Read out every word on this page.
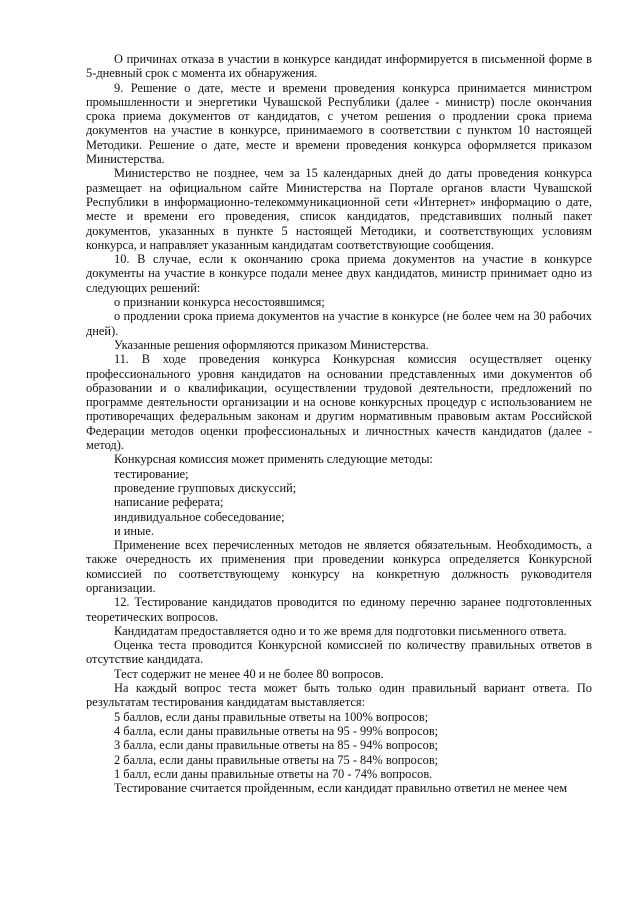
О причинах отказа в участии в конкурсе кандидат информируется в письменной форме в 5-дневный срок с момента их обнаружения.

9. Решение о дате, месте и времени проведения конкурса принимается министром промышленности и энергетики Чувашской Республики (далее - министр) после окончания срока приема документов от кандидатов, с учетом решения о продлении срока приема документов на участие в конкурсе, принимаемого в соответствии с пунктом 10 настоящей Методики. Решение о дате, месте и времени проведения конкурса оформляется приказом Министерства.

Министерство не позднее, чем за 15 календарных дней до даты проведения конкурса размещает на официальном сайте Министерства на Портале органов власти Чувашской Республики в информационно-телекоммуникационной сети «Интернет» информацию о дате, месте и времени его проведения, список кандидатов, представивших полный пакет документов, указанных в пункте 5 настоящей Методики, и соответствующих условиям конкурса, и направляет указанным кандидатам соответствующие сообщения.

10. В случае, если к окончанию срока приема документов на участие в конкурсе документы на участие в конкурсе подали менее двух кандидатов, министр принимает одно из следующих решений:

о признании конкурса несостоявшимся;

о продлении срока приема документов на участие в конкурсе (не более чем на 30 рабочих дней).

Указанные решения оформляются приказом Министерства.

11. В ходе проведения конкурса Конкурсная комиссия осуществляет оценку профессионального уровня кандидатов на основании представленных ими документов об образовании и о квалификации, осуществлении трудовой деятельности, предложений по программе деятельности организации и на основе конкурсных процедур с использованием не противоречащих федеральным законам и другим нормативным правовым актам Российской Федерации методов оценки профессиональных и личностных качеств кандидатов (далее - метод).

Конкурсная комиссия может применять следующие методы:

тестирование;

проведение групповых дискуссий;

написание реферата;

индивидуальное собеседование;

и иные.

Применение всех перечисленных методов не является обязательным. Необходимость, а также очередность их применения при проведении конкурса определяется Конкурсной комиссией по соответствующему конкурсу на конкретную должность руководителя организации.

12. Тестирование кандидатов проводится по единому перечню заранее подготовленных теоретических вопросов.

Кандидатам предоставляется одно и то же время для подготовки письменного ответа.

Оценка теста проводится Конкурсной комиссией по количеству правильных ответов в отсутствие кандидата.

Тест содержит не менее 40 и не более 80 вопросов.

На каждый вопрос теста может быть только один правильный вариант ответа. По результатам тестирования кандидатам выставляется:

5 баллов, если даны правильные ответы на 100% вопросов;

4 балла, если даны правильные ответы на 95 - 99% вопросов;

3 балла, если даны правильные ответы на 85 - 94% вопросов;

2 балла, если даны правильные ответы на 75 - 84% вопросов;

1 балл, если даны правильные ответы на 70 - 74% вопросов.

Тестирование считается пройденным, если кандидат правильно ответил не менее чем
